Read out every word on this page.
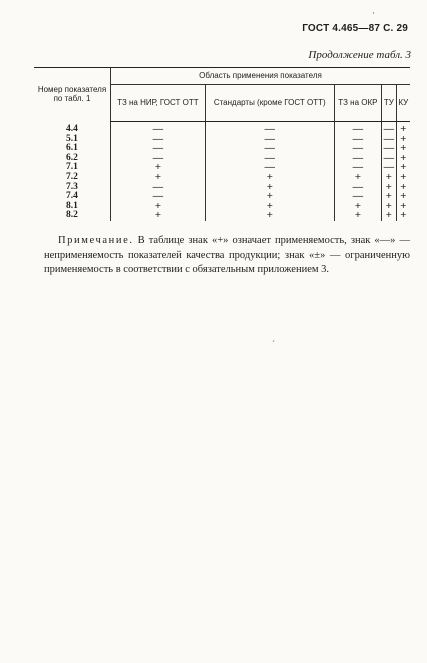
ГОСТ 4.465—87 С. 29
Продолжение табл. 3
Номер показателя по табл. 1	Область применения показателя				
	ТЗ на НИР, ГОСТ ОТТ	Стандарты (кроме ГОСТ ОТТ)	ТЗ на ОКР	ТУ	КУ
4.4	—	—	—	—	+
5.1	—	—	—	—	+
6.1	—	—	—	—	+
6.2	—	—	—	—	+
7.1	+	—	—	—	+
7.2	+	+	+	+	+
7.3	—	+	—	+	+
7.4	—	+	—	+	+
8.1	+	+	+	+	+
8.2	+	+	+	+	+

Примечание. В таблице знак «+» означает применяемость, знак «—» — неприменяемость показателей качества продукции; знак «±» — ограниченную применяемость в соответствии с обязательным приложением 3.

·
ˊ
